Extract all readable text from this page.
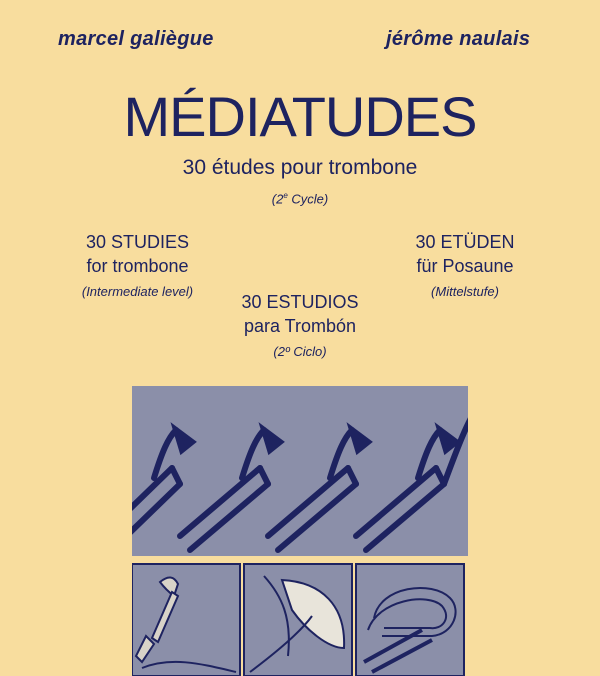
marcel galiègue	jérôme naulais
MÉDIATUDES
30 études pour trombone
(2e Cycle)
30 STUDIES
for trombone
(Intermediate level)
30 ETÜDEN
für Posaune
(Mittelstufe)
30 ESTUDIOS
para Trombón
(2º Ciclo)
